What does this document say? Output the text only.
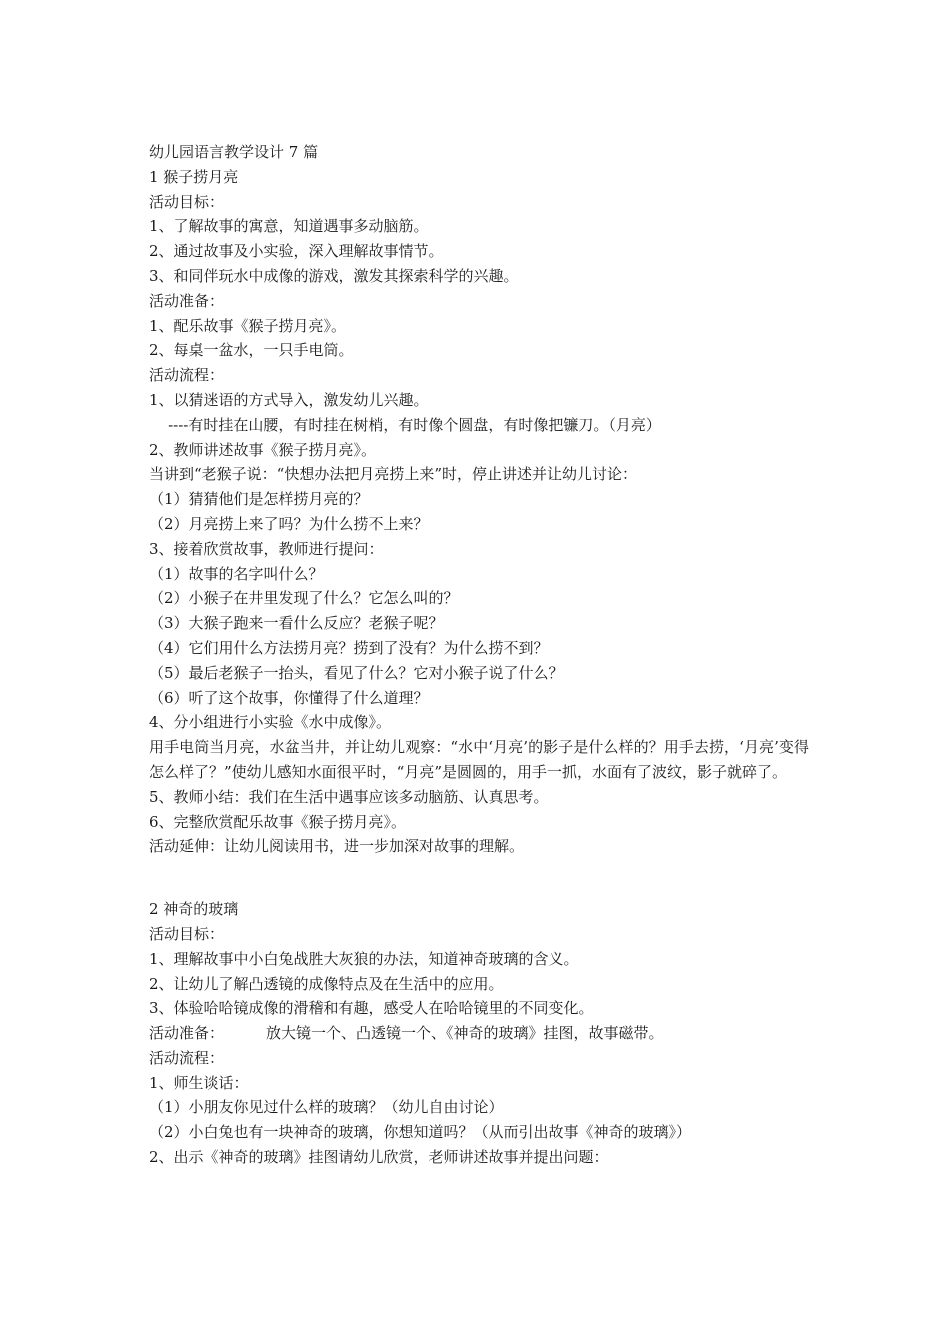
幼儿园语言教学设计 7 篇

1 猴子捞月亮

活动目标：

1、了解故事的寓意，知道遇事多动脑筋。

2、通过故事及小实验，深入理解故事情节。

3、和同伴玩水中成像的游戏，激发其探索科学的兴趣。

活动准备：

1、配乐故事《猴子捞月亮》。

2、每桌一盆水，一只手电筒。

活动流程：

1、以猜迷语的方式导入，激发幼儿兴趣。

----有时挂在山腰，有时挂在树梢，有时像个圆盘，有时像把镰刀。（月亮）

2、教师讲述故事《猴子捞月亮》。

当讲到“老猴子说：“快想办法把月亮捞上来”时，停止讲述并让幼儿讨论：

（1）猜猜他们是怎样捞月亮的？

（2）月亮捞上来了吗？为什么捞不上来？

3、接着欣赏故事，教师进行提问：

（1）故事的名字叫什么？

（2）小猴子在井里发现了什么？它怎么叫的？

（3）大猴子跑来一看什么反应？老猴子呢？

（4）它们用什么方法捞月亮？捞到了没有？为什么捞不到？

（5）最后老猴子一抬头，看见了什么？它对小猴子说了什么？

（6）听了这个故事，你懂得了什么道理？

4、分小组进行小实验《水中成像》。

用手电筒当月亮，水盆当井，并让幼儿观察：“水中‘月亮’的影子是什么样的？用手去捞，‘月亮’变得怎么样了？”使幼儿感知水面很平时，“月亮”是圆圆的，用手一抓，水面有了波纹，影子就碎了。

5、教师小结：我们在生活中遇事应该多动脑筋、认真思考。

6、完整欣赏配乐故事《猴子捞月亮》。

活动延伸：让幼儿阅读用书，进一步加深对故事的理解。

2 神奇的玻璃

活动目标：

1、理解故事中小白兔战胜大灰狼的办法，知道神奇玻璃的含义。

2、让幼儿了解凸透镜的成像特点及在生活中的应用。

3、体验哈哈镜成像的滑稽和有趣，感受人在哈哈镜里的不同变化。

活动准备：	放大镜一个、凸透镜一个、《神奇的玻璃》挂图，故事磁带。

活动流程：

1、师生谈话：

（1）小朋友你见过什么样的玻璃？（幼儿自由讨论）

（2）小白兔也有一块神奇的玻璃，你想知道吗？（从而引出故事《神奇的玻璃》）

2、出示《神奇的玻璃》挂图请幼儿欣赏，老师讲述故事并提出问题：
